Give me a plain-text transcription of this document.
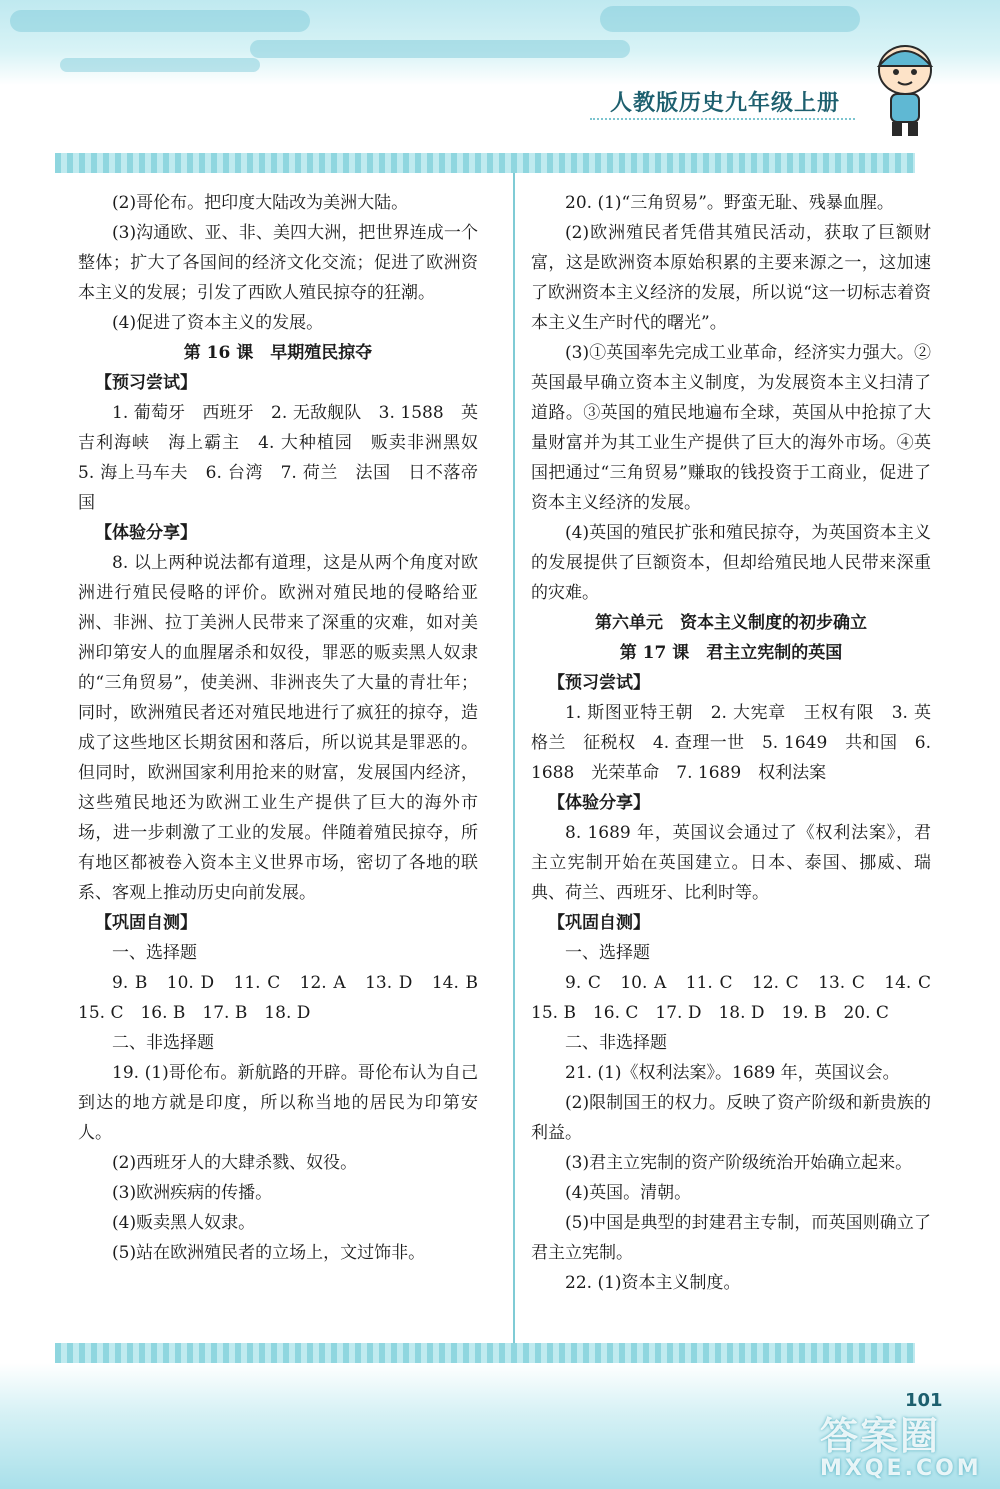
人教版历史九年级上册

(2)哥伦布。把印度大陆改为美洲大陆。

(3)沟通欧、亚、非、美四大洲，把世界连成一个整体；扩大了各国间的经济文化交流；促进了欧洲资本主义的发展；引发了西欧人殖民掠夺的狂潮。

(4)促进了资本主义的发展。

第 16 课　早期殖民掠夺

【预习尝试】

1. 葡萄牙　西班牙　2. 无敌舰队　3. 1588　英吉利海峡　海上霸主　4. 大种植园　贩卖非洲黑奴　5. 海上马车夫　6. 台湾　7. 荷兰　法国　日不落帝国

【体验分享】

8. 以上两种说法都有道理，这是从两个角度对欧洲进行殖民侵略的评价。欧洲对殖民地的侵略给亚洲、非洲、拉丁美洲人民带来了深重的灾难，如对美洲印第安人的血腥屠杀和奴役，罪恶的贩卖黑人奴隶的“三角贸易”，使美洲、非洲丧失了大量的青壮年；同时，欧洲殖民者还对殖民地进行了疯狂的掠夺，造成了这些地区长期贫困和落后，所以说其是罪恶的。但同时，欧洲国家利用抢来的财富，发展国内经济，这些殖民地还为欧洲工业生产提供了巨大的海外市场，进一步刺激了工业的发展。伴随着殖民掠夺，所有地区都被卷入资本主义世界市场，密切了各地的联系、客观上推动历史向前发展。

【巩固自测】

一、选择题

9. B　10. D　11. C　12. A　13. D　14. B　15. C　16. B　17. B　18. D

二、非选择题

19. (1)哥伦布。新航路的开辟。哥伦布认为自己到达的地方就是印度，所以称当地的居民为印第安人。

(2)西班牙人的大肆杀戮、奴役。

(3)欧洲疾病的传播。

(4)贩卖黑人奴隶。

(5)站在欧洲殖民者的立场上，文过饰非。

20. (1)“三角贸易”。野蛮无耻、残暴血腥。

(2)欧洲殖民者凭借其殖民活动，获取了巨额财富，这是欧洲资本原始积累的主要来源之一，这加速了欧洲资本主义经济的发展，所以说“这一切标志着资本主义生产时代的曙光”。

(3)①英国率先完成工业革命，经济实力强大。②英国最早确立资本主义制度，为发展资本主义扫清了道路。③英国的殖民地遍布全球，英国从中抢掠了大量财富并为其工业生产提供了巨大的海外市场。④英国把通过“三角贸易”赚取的钱投资于工商业，促进了资本主义经济的发展。

(4)英国的殖民扩张和殖民掠夺，为英国资本主义的发展提供了巨额资本，但却给殖民地人民带来深重的灾难。

第六单元　资本主义制度的初步确立

第 17 课　君主立宪制的英国

【预习尝试】

1. 斯图亚特王朝　2. 大宪章　王权有限　3. 英格兰　征税权　4. 查理一世　5. 1649　共和国　6. 1688　光荣革命　7. 1689　权利法案

【体验分享】

8. 1689 年，英国议会通过了《权利法案》，君主立宪制开始在英国建立。日本、泰国、挪威、瑞典、荷兰、西班牙、比利时等。

【巩固自测】

一、选择题

9. C　10. A　11. C　12. C　13. C　14. C　15. B　16. C　17. D　18. D　19. B　20. C

二、非选择题

21. (1)《权利法案》。1689 年，英国议会。

(2)限制国王的权力。反映了资产阶级和新贵族的利益。

(3)君主立宪制的资产阶级统治开始确立起来。

(4)英国。清朝。

(5)中国是典型的封建君主专制，而英国则确立了君主立宪制。

22. (1)资本主义制度。

101
答案圈
MXQE.COM
